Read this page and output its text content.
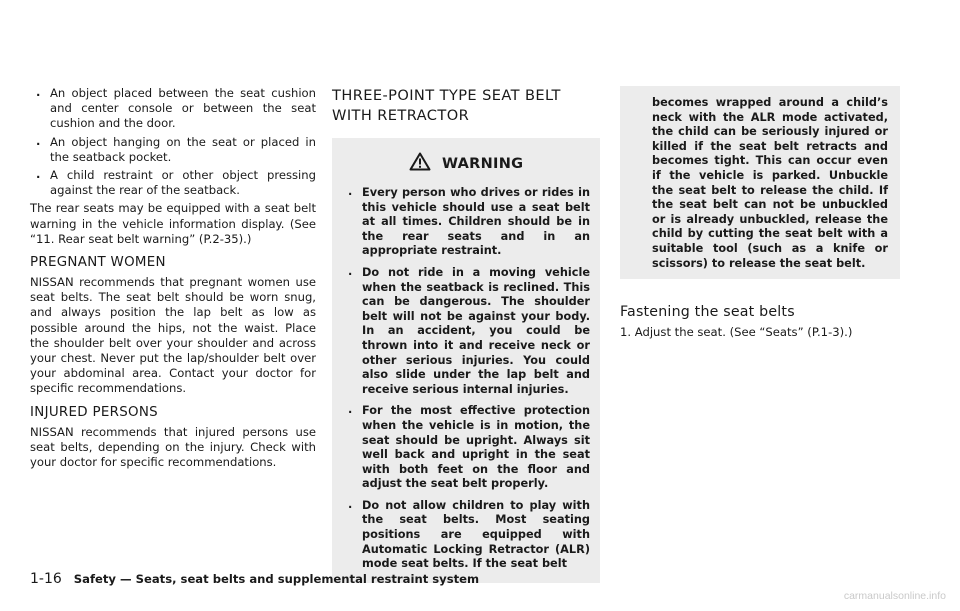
. An object placed between the seat cushion and center console or between the seat cushion and the door.
. An object hanging on the seat or placed in the seatback pocket.
. A child restraint or other object pressing against the rear of the seatback.

The rear seats may be equipped with a seat belt warning in the vehicle information display. (See “11. Rear seat belt warning” (P.2-35).)

PREGNANT WOMEN

NISSAN recommends that pregnant women use seat belts. The seat belt should be worn snug, and always position the lap belt as low as possible around the hips, not the waist. Place the shoulder belt over your shoulder and across your chest. Never put the lap/shoulder belt over your abdominal area. Contact your doctor for specific recommendations.

INJURED PERSONS

NISSAN recommends that injured persons use seat belts, depending on the injury. Check with your doctor for specific recommendations.

THREE-POINT TYPE SEAT BELT WITH RETRACTOR
WARNING
. Every person who drives or rides in this vehicle should use a seat belt at all times. Children should be in the rear seats and in an appropriate restraint.
. Do not ride in a moving vehicle when the seatback is reclined. This can be dangerous. The shoulder belt will not be against your body. In an accident, you could be thrown into it and receive neck or other serious injuries. You could also slide under the lap belt and receive serious internal injuries.
. For the most effective protection when the vehicle is in motion, the seat should be upright. Always sit well back and upright in the seat with both feet on the floor and adjust the seat belt properly.
. Do not allow children to play with the seat belts. Most seating positions are equipped with Automatic Locking Retractor (ALR) mode seat belts. If the seat belt

becomes wrapped around a child’s neck with the ALR mode activated, the child can be seriously injured or killed if the seat belt retracts and becomes tight. This can occur even if the vehicle is parked. Unbuckle the seat belt to release the child. If the seat belt can not be unbuckled or is already unbuckled, release the child by cutting the seat belt with a suitable tool (such as a knife or scissors) to release the seat belt.

Fastening the seat belts

1. Adjust the seat. (See “Seats” (P.1-3).)

1-16 Safety — Seats, seat belts and supplemental restraint system
carmanualsonline.info
